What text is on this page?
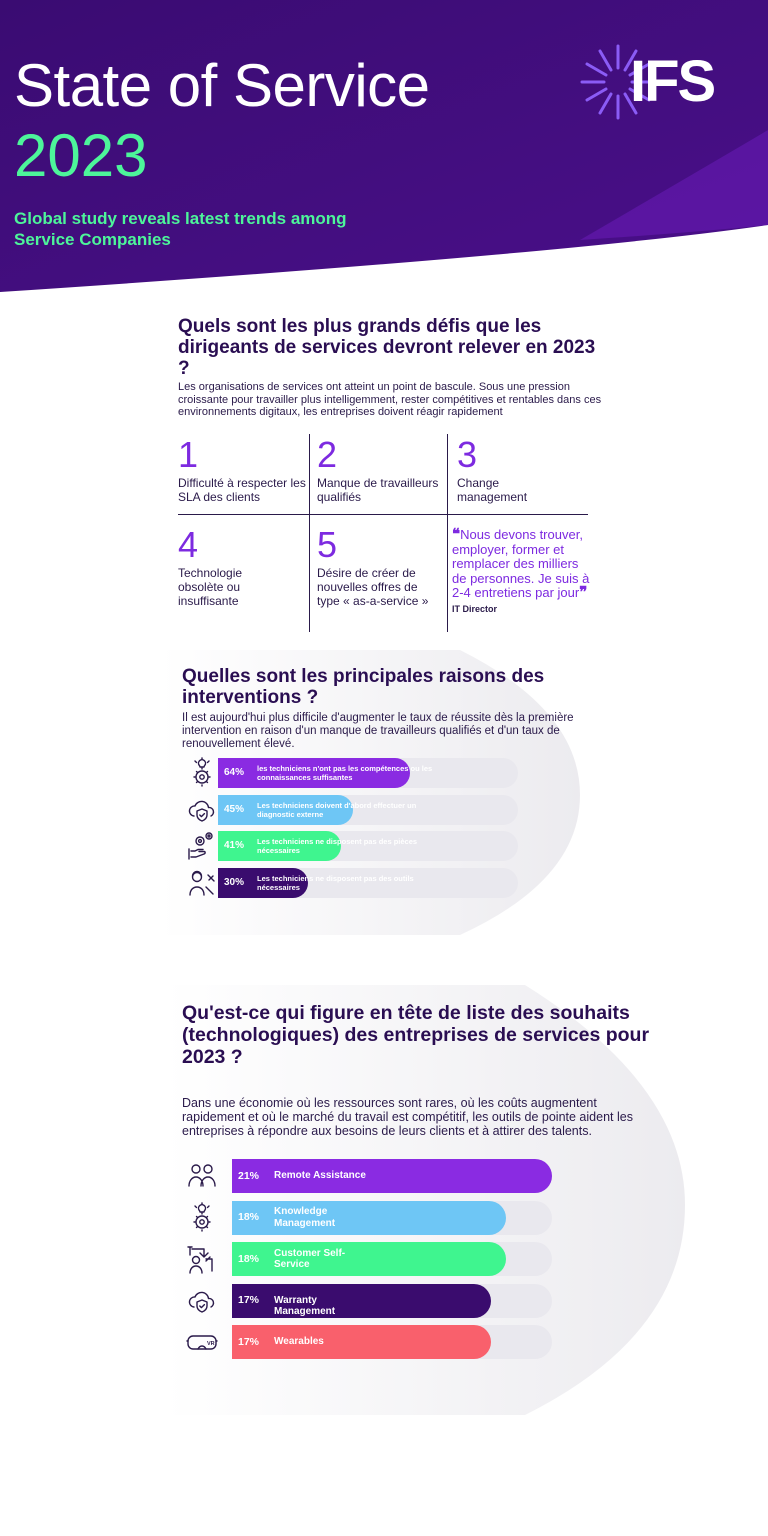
State of Service
2023
Global study reveals latest trends among Service Companies
IFS
Quels sont les plus grands défis que les dirigeants de services devront relever en 2023 ?
Les organisations de services ont atteint un point de bascule. Sous une pression croissante pour travailler plus intelligemment, rester compétitives et rentables dans ces environnements digitaux, les entreprises doivent réagir rapidement
1
Difficulté à respecter les SLA des clients
2
Manque de travailleurs qualifiés
3
Change management
4
Technologie obsolète ou insuffisante
5
Désire de créer de nouvelles offres de type « as-a-service »
❝Nous devons trouver, employer, former et remplacer des milliers de personnes. Je suis à 2-4 entretiens par jour❞
IT Director
Quelles sont les principales raisons des interventions ?
Il est aujourd'hui plus difficile d'augmenter le taux de réussite dès la première intervention en raison d'un manque de travailleurs qualifiés et d'un taux de renouvellement élevé.
64% les techniciens n'ont pas les compétences ou les connaissances suffisantes
45% Les techniciens doivent d'abord effectuer un diagnostic externe
41% Les techniciens ne disposent pas des pièces nécessaires
30% Les techniciens ne disposent pas des outils nécessaires
Qu'est-ce qui figure en tête de liste des souhaits (technologiques) des entreprises de services pour 2023 ?
Dans une économie où les ressources sont rares, où les coûts augmentent rapidement et où le marché du travail est compétitif, les outils de pointe aident les entreprises à répondre aux besoins de leurs clients et à attirer des talents.
21% Remote Assistance
18% Knowledge Management
18% Customer Self-Service
17% Warranty Management
VR 17% Wearables
